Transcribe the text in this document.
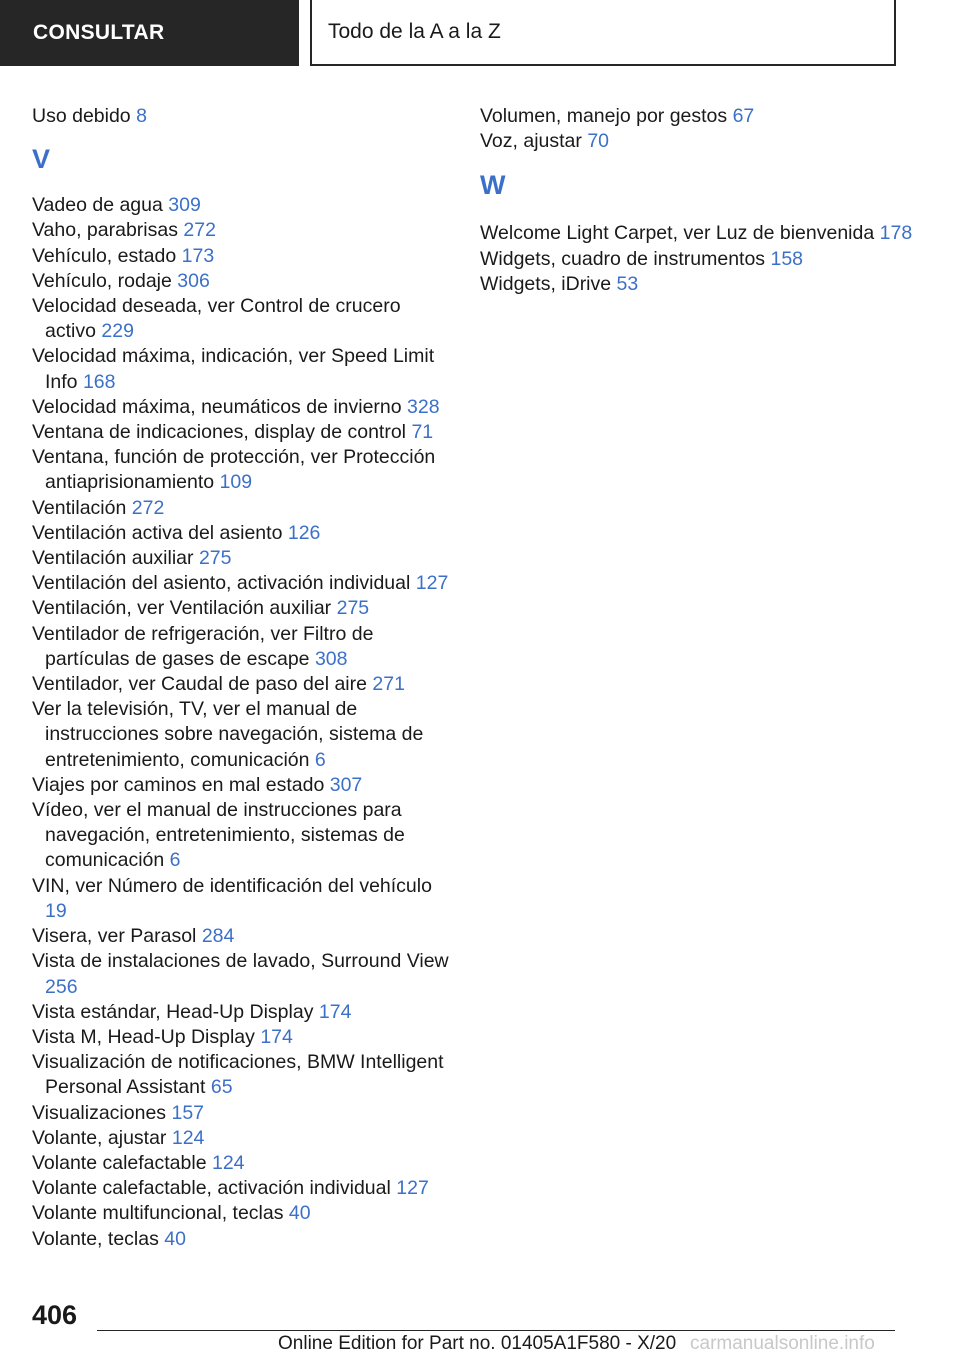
CONSULTAR	Todo de la A a la Z
Uso debido 8
V
Vadeo de agua 309
Vaho, parabrisas 272
Vehículo, estado 173
Vehículo, rodaje 306
Velocidad deseada, ver Control de crucero activo 229
Velocidad máxima, indicación, ver Speed Limit Info 168
Velocidad máxima, neumáticos de invierno 328
Ventana de indicaciones, display de control 71
Ventana, función de protección, ver Protección antiaprisionamiento 109
Ventilación 272
Ventilación activa del asiento 126
Ventilación auxiliar 275
Ventilación del asiento, activación individual 127
Ventilación, ver Ventilación auxiliar 275
Ventilador de refrigeración, ver Filtro de partículas de gases de escape 308
Ventilador, ver Caudal de paso del aire 271
Ver la televisión, TV, ver el manual de instrucciones sobre navegación, sistema de entretenimiento, comunicación 6
Viajes por caminos en mal estado 307
Vídeo, ver el manual de instrucciones para navegación, entretenimiento, sistemas de comunicación 6
VIN, ver Número de identificación del vehículo 19
Visera, ver Parasol 284
Vista de instalaciones de lavado, Surround View 256
Vista estándar, Head-Up Display 174
Vista M, Head-Up Display 174
Visualización de notificaciones, BMW Intelligent Personal Assistant 65
Visualizaciones 157
Volante, ajustar 124
Volante calefactable 124
Volante calefactable, activación individual 127
Volante multifuncional, teclas 40
Volante, teclas 40
Volumen, manejo por gestos 67
Voz, ajustar 70
W
Welcome Light Carpet, ver Luz de bienvenida 178
Widgets, cuadro de instrumentos 158
Widgets, iDrive 53
406
Online Edition for Part no. 01405A1F580 - X/20 carmanualsonline.info
